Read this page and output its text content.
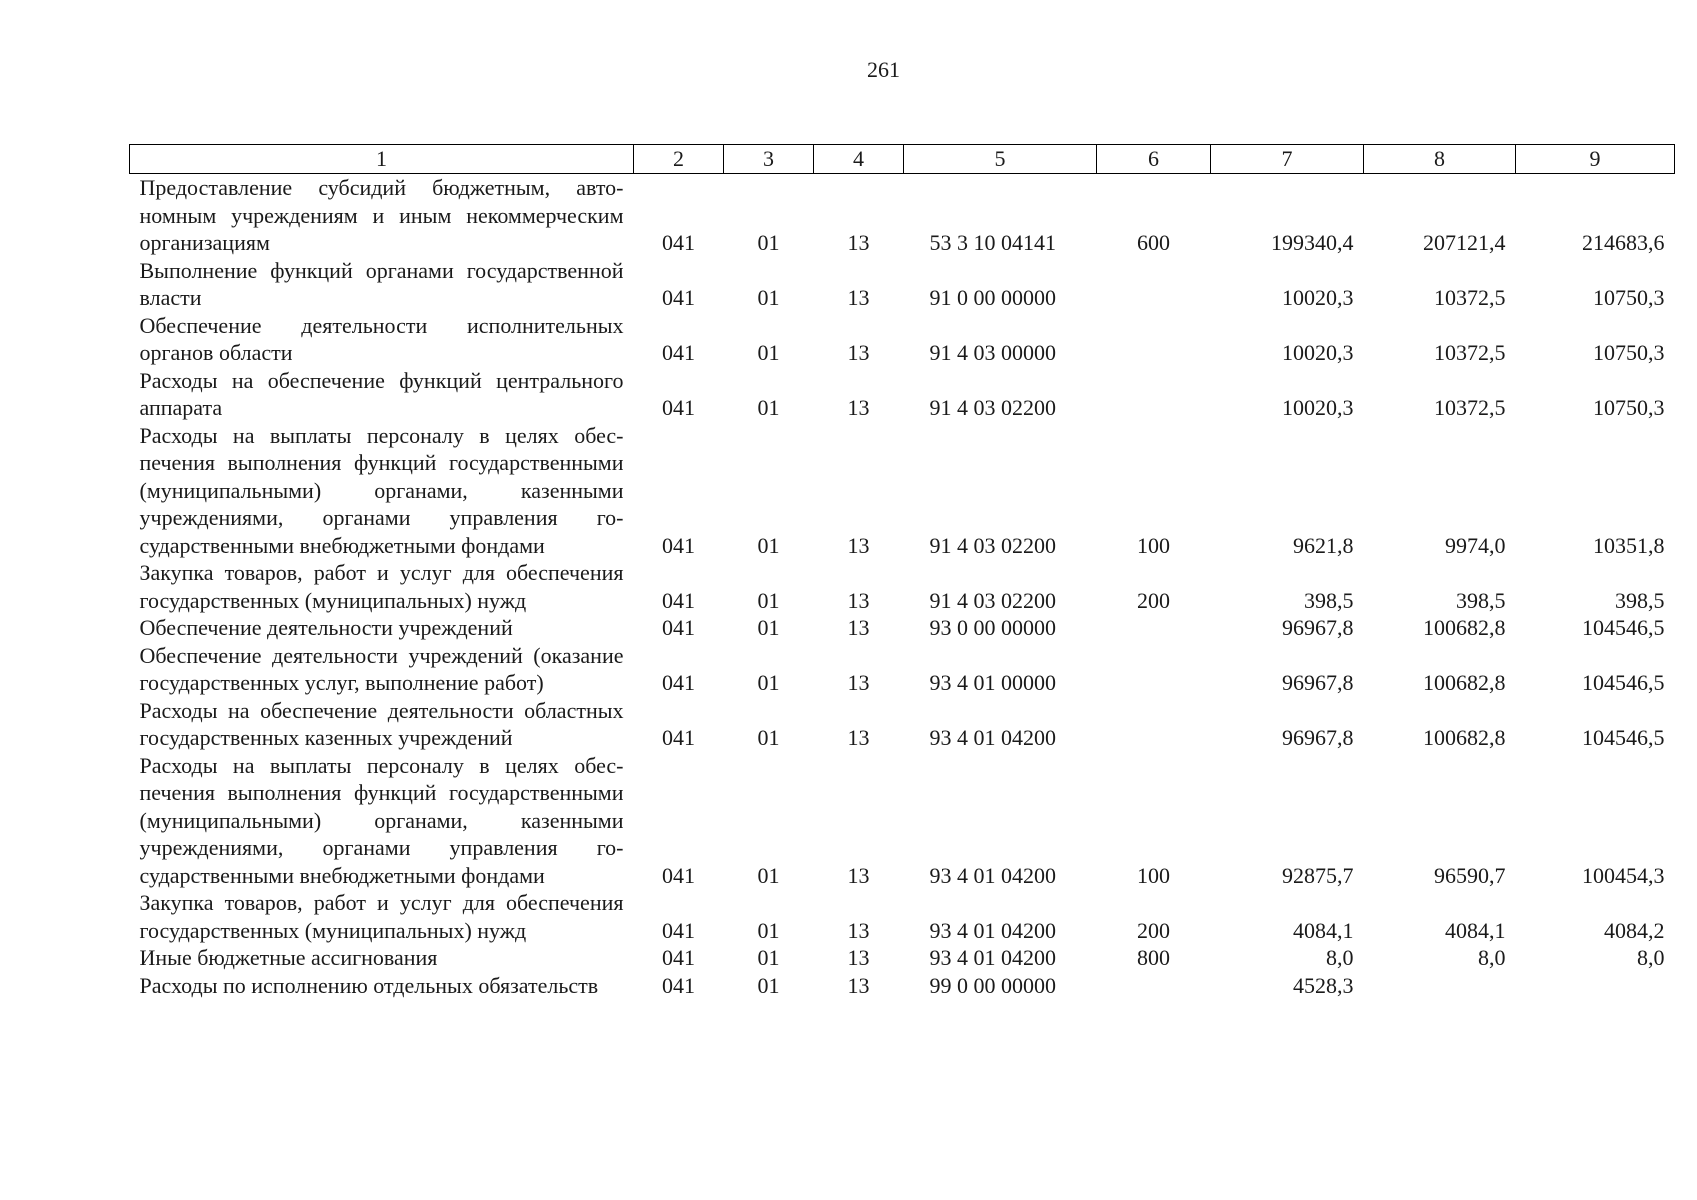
261
1	2	3	4	5	6	7	8	9
Предоставление субсидий бюджетным, автономным учреждениям и иным некоммерческим организациям	041	01	13	53 3 10 04141	600	199340,4	207121,4	214683,6
Выполнение функций органами государственной власти	041	01	13	91 0 00 00000		10020,3	10372,5	10750,3
Обеспечение деятельности исполнительных органов области	041	01	13	91 4 03 00000		10020,3	10372,5	10750,3
Расходы на обеспечение функций центрального аппарата	041	01	13	91 4 03 02200		10020,3	10372,5	10750,3
Расходы на выплаты персоналу в целях обеспечения выполнения функций государственными (муниципальными) органами, казенными учреждениями, органами управления государственными внебюджетными фондами	041	01	13	91 4 03 02200	100	9621,8	9974,0	10351,8
Закупка товаров, работ и услуг для обеспечения государственных (муниципальных) нужд	041	01	13	91 4 03 02200	200	398,5	398,5	398,5
Обеспечение деятельности учреждений	041	01	13	93 0 00 00000		96967,8	100682,8	104546,5
Обеспечение деятельности учреждений (оказание государственных услуг, выполнение работ)	041	01	13	93 4 01 00000		96967,8	100682,8	104546,5
Расходы на обеспечение деятельности областных государственных казенных учреждений	041	01	13	93 4 01 04200		96967,8	100682,8	104546,5
Расходы на выплаты персоналу в целях обеспечения выполнения функций государственными (муниципальными) органами, казенными учреждениями, органами управления государственными внебюджетными фондами	041	01	13	93 4 01 04200	100	92875,7	96590,7	100454,3
Закупка товаров, работ и услуг для обеспечения государственных (муниципальных) нужд	041	01	13	93 4 01 04200	200	4084,1	4084,1	4084,2
Иные бюджетные ассигнования	041	01	13	93 4 01 04200	800	8,0	8,0	8,0
Расходы по исполнению отдельных обязательств	041	01	13	99 0 00 00000		4528,3		
